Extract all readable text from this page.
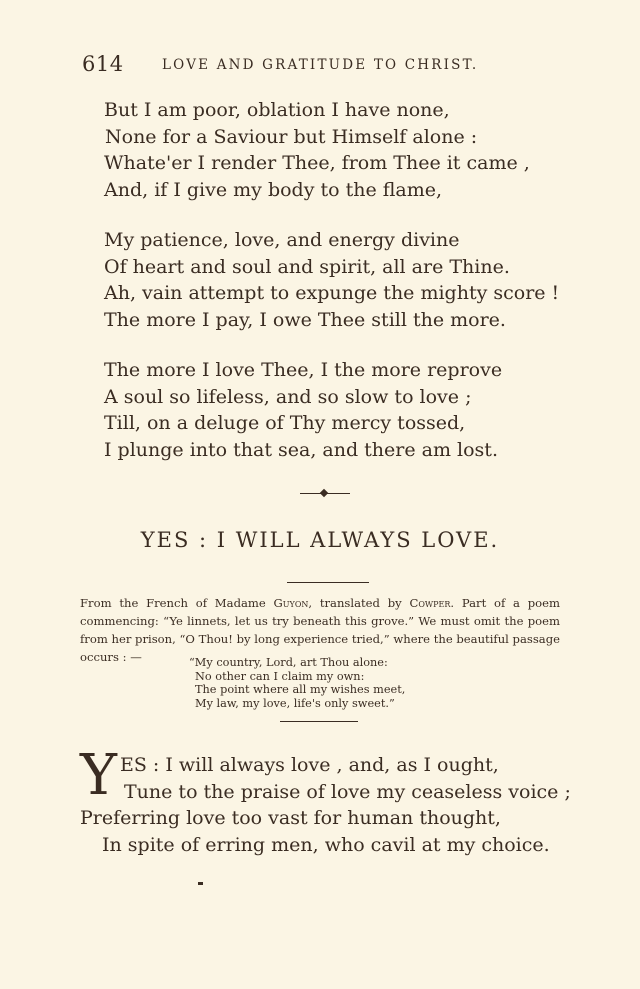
614	LOVE AND GRATITUDE TO CHRIST.
But I am poor, oblation I have none,
None for a Saviour but Himself alone :
Whate'er I render Thee, from Thee it came ,
And, if I give my body to the flame,
My patience, love, and energy divine
Of heart and soul and spirit, all are Thine.
Ah, vain attempt to expunge the mighty score !
The more I pay, I owe Thee still the more.
The more I love Thee, I the more reprove
A soul so lifeless, and so slow to love ;
Till, on a deluge of Thy mercy tossed,
I plunge into that sea, and there am lost.
YES : I WILL ALWAYS LOVE.
From the French of Madame Guyon, translated by Cowper. Part of a poem
commencing: “Ye linnets, let us try beneath this grove.” We must omit the poem
from her prison, “O Thou! by long experience tried,” where the beautiful passage
occurs : —	“My country, Lord, art Thou alone:
No other can I claim my own:
The point where all my wishes meet,
My law, my love, life's only sweet.”
Y ES : I will always love , and, as I ought,
Tune to the praise of love my ceaseless voice ;
Preferring love too vast for human thought,
In spite of erring men, who cavil at my choice.
